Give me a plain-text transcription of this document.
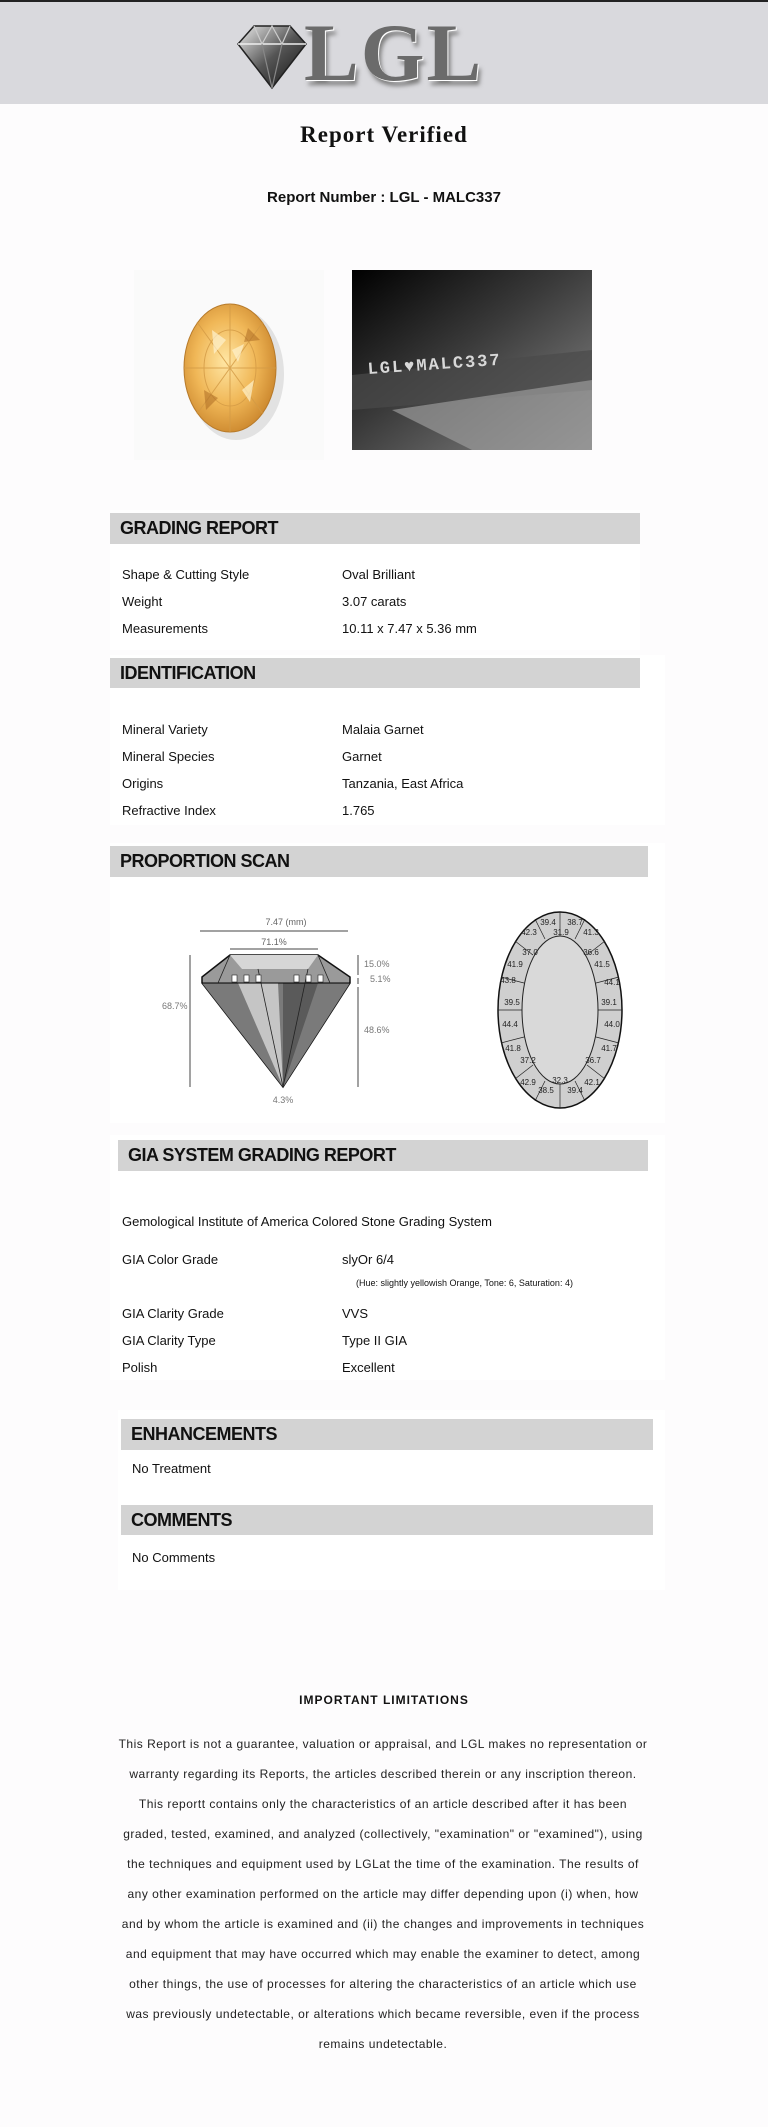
LGL
Report Verified
Report Number : LGL - MALC337
LGL♥MALC337
GRADING REPORT
Shape & Cutting Style	Oval Brilliant
Weight	3.07 carats
Measurements	10.11 x 7.47 x 5.36 mm
IDENTIFICATION
Mineral Variety	Malaia Garnet
Mineral Species	Garnet
Origins	Tanzania, East Africa
Refractive Index	1.765
PROPORTION SCAN
7.47 (mm)
71.1%
68.7%
15.0%
5.1%
48.6%
4.3%
39.4 38.7
31.9
42.3	41.3
37.0	36.6
41.9	41.5
43.8	44.1
39.5	39.1
44.4	44.0
41.8	41.7
37.2	36.7
32.3
42.9
38.5 39.4
42.1
GIA SYSTEM GRADING REPORT
Gemological Institute of America Colored Stone Grading System
GIA Color Grade	slyOr 6/4
(Hue: slightly yellowish Orange, Tone: 6, Saturation: 4)
GIA Clarity Grade	VVS
GIA Clarity Type	Type II GIA
Polish	Excellent
ENHANCEMENTS
No Treatment
COMMENTS
No Comments
IMPORTANT LIMITATIONS
This Report is not a guarantee, valuation or appraisal, and LGL makes no representation or warranty regarding its Reports, the articles described therein or any inscription thereon. This reportt contains only the characteristics of an article described after it has been graded, tested, examined, and analyzed (collectively, "examination" or "examined"), using the techniques and equipment used by LGLat the time of the examination. The results of any other examination performed on the article may differ depending upon (i) when, how and by whom the article is examined and (ii) the changes and improvements in techniques and equipment that may have occurred which may enable the examiner to detect, among other things, the use of processes for altering the characteristics of an article which use was previously undetectable, or alterations which became reversible, even if the process remains undetectable.
